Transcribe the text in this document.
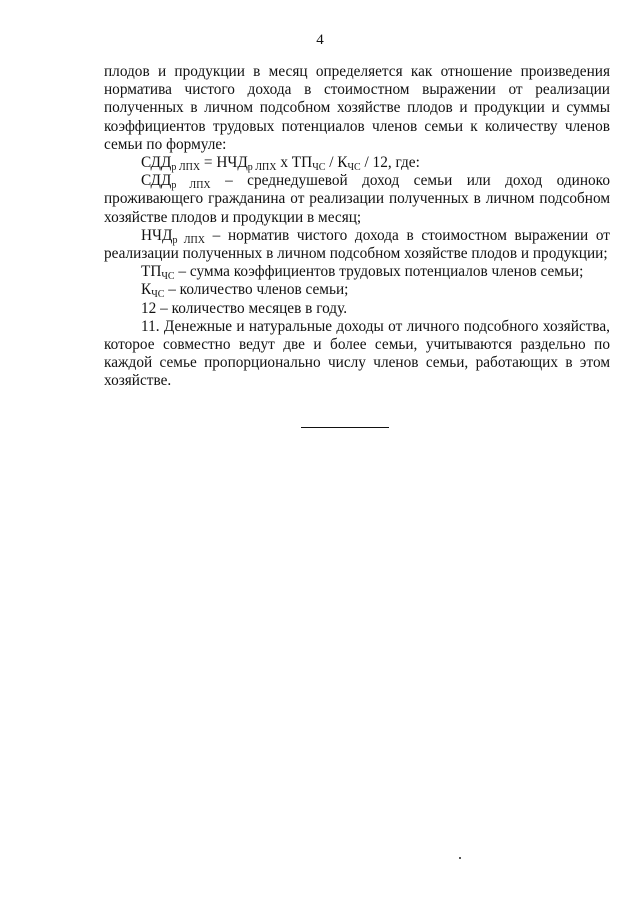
4

плодов и продукции в месяц определяется как отношение произведения норматива чистого дохода в стоимостном выражении от реализации полученных в личном подсобном хозяйстве плодов и продукции и суммы коэффициентов трудовых потенциалов членов семьи к количеству членов семьи по формуле:

$СДД_{р ЛПХ} = НЧД_{р ЛПХ}$ х $ТП_{ЧС} / К_{ЧС} / 12$, где:

$СДД_{р ЛПХ}$ – среднедушевой доход семьи или доход одиноко проживающего гражданина от реализации полученных в личном подсобном хозяйстве плодов и продукции в месяц;

$НЧД_{р ЛПХ}$ – норматив чистого дохода в стоимостном выражении от реализации полученных в личном подсобном хозяйстве плодов и продукции;

$ТП_{ЧС}$ – сумма коэффициентов трудовых потенциалов членов семьи;

$К_{ЧС}$ – количество членов семьи;

12 – количество месяцев в году.

11. Денежные и натуральные доходы от личного подсобного хозяйства, которое совместно ведут две и более семьи, учитываются раздельно по каждой семье пропорционально числу членов семьи, работающих в этом хозяйстве.
